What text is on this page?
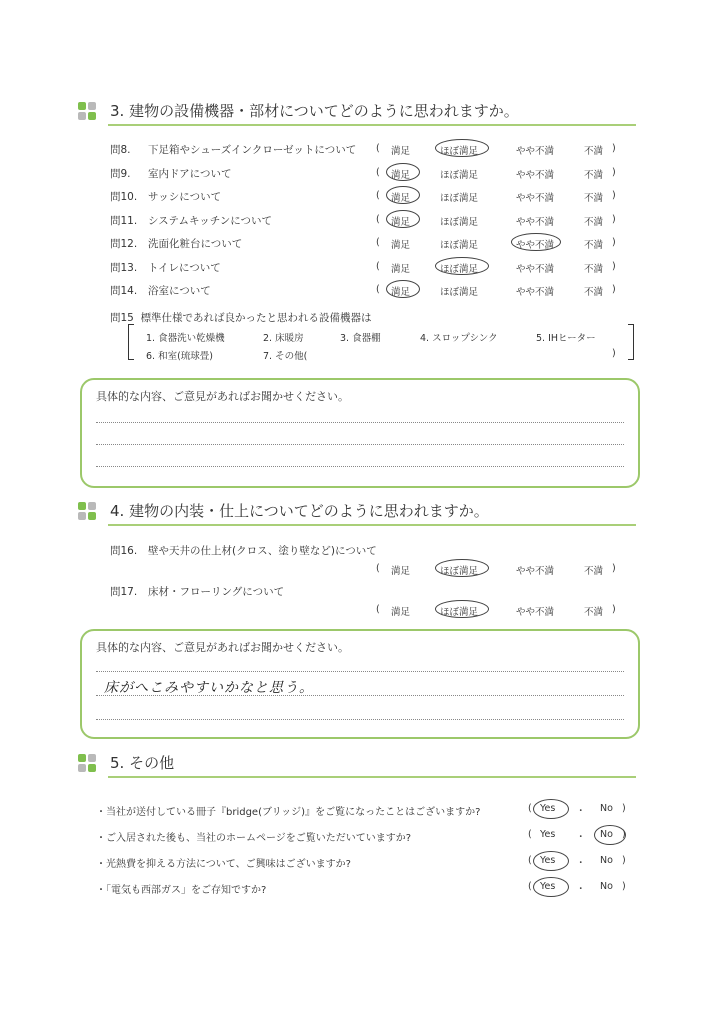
3. 建物の設備機器・部材についてどのように思われますか。
問8. 下足箱やシューズインクローゼットについて ( 満足	ほぼ満足	やや不満	不満 )
問9. 室内ドアについて	( 満足	ほぼ満足	やや不満	不満 )
問10. サッシについて	( 満足	ほぼ満足	やや不満	不満 )
問11. システムキッチンについて	( 満足	ほぼ満足	やや不満	不満 )
問12. 洗面化粧台について	( 満足	ほぼ満足	やや不満	不満 )
問13. トイレについて	( 満足	ほぼ満足	やや不満	不満 )
問14. 浴室について	( 満足	ほぼ満足	やや不満	不満 )
問15 標準仕様であれば良かったと思われる設備機器は
1. 食器洗い乾燥機	2. 床暖房	3. 食器棚	4. スロップシンク	5. IHヒーター
6. 和室(琉球畳)	7. その他(	)
具体的な内容、ご意見があればお聞かせください。
4. 建物の内装・仕上についてどのように思われますか。
問16. 壁や天井の仕上材(クロス、塗り壁など)について
( 満足	ほぼ満足	やや不満	不満 )
問17. 床材・フローリングについて
( 満足	ほぼ満足	やや不満	不満 )
具体的な内容、ご意見があればお聞かせください。
床がへこみやすいかなと思う。
5. その他
・当社が送付している冊子『bridge(ブリッジ)』をご覧になったことはございますか?	( Yes ・ No )
・ご入居された後も、当社のホームページをご覧いただいていますか?	( Yes ・ No )
・光熱費を抑える方法について、ご興味はございますか?	( Yes ・ No )
・「電気も西部ガス」をご存知ですか?	( Yes ・ No )
